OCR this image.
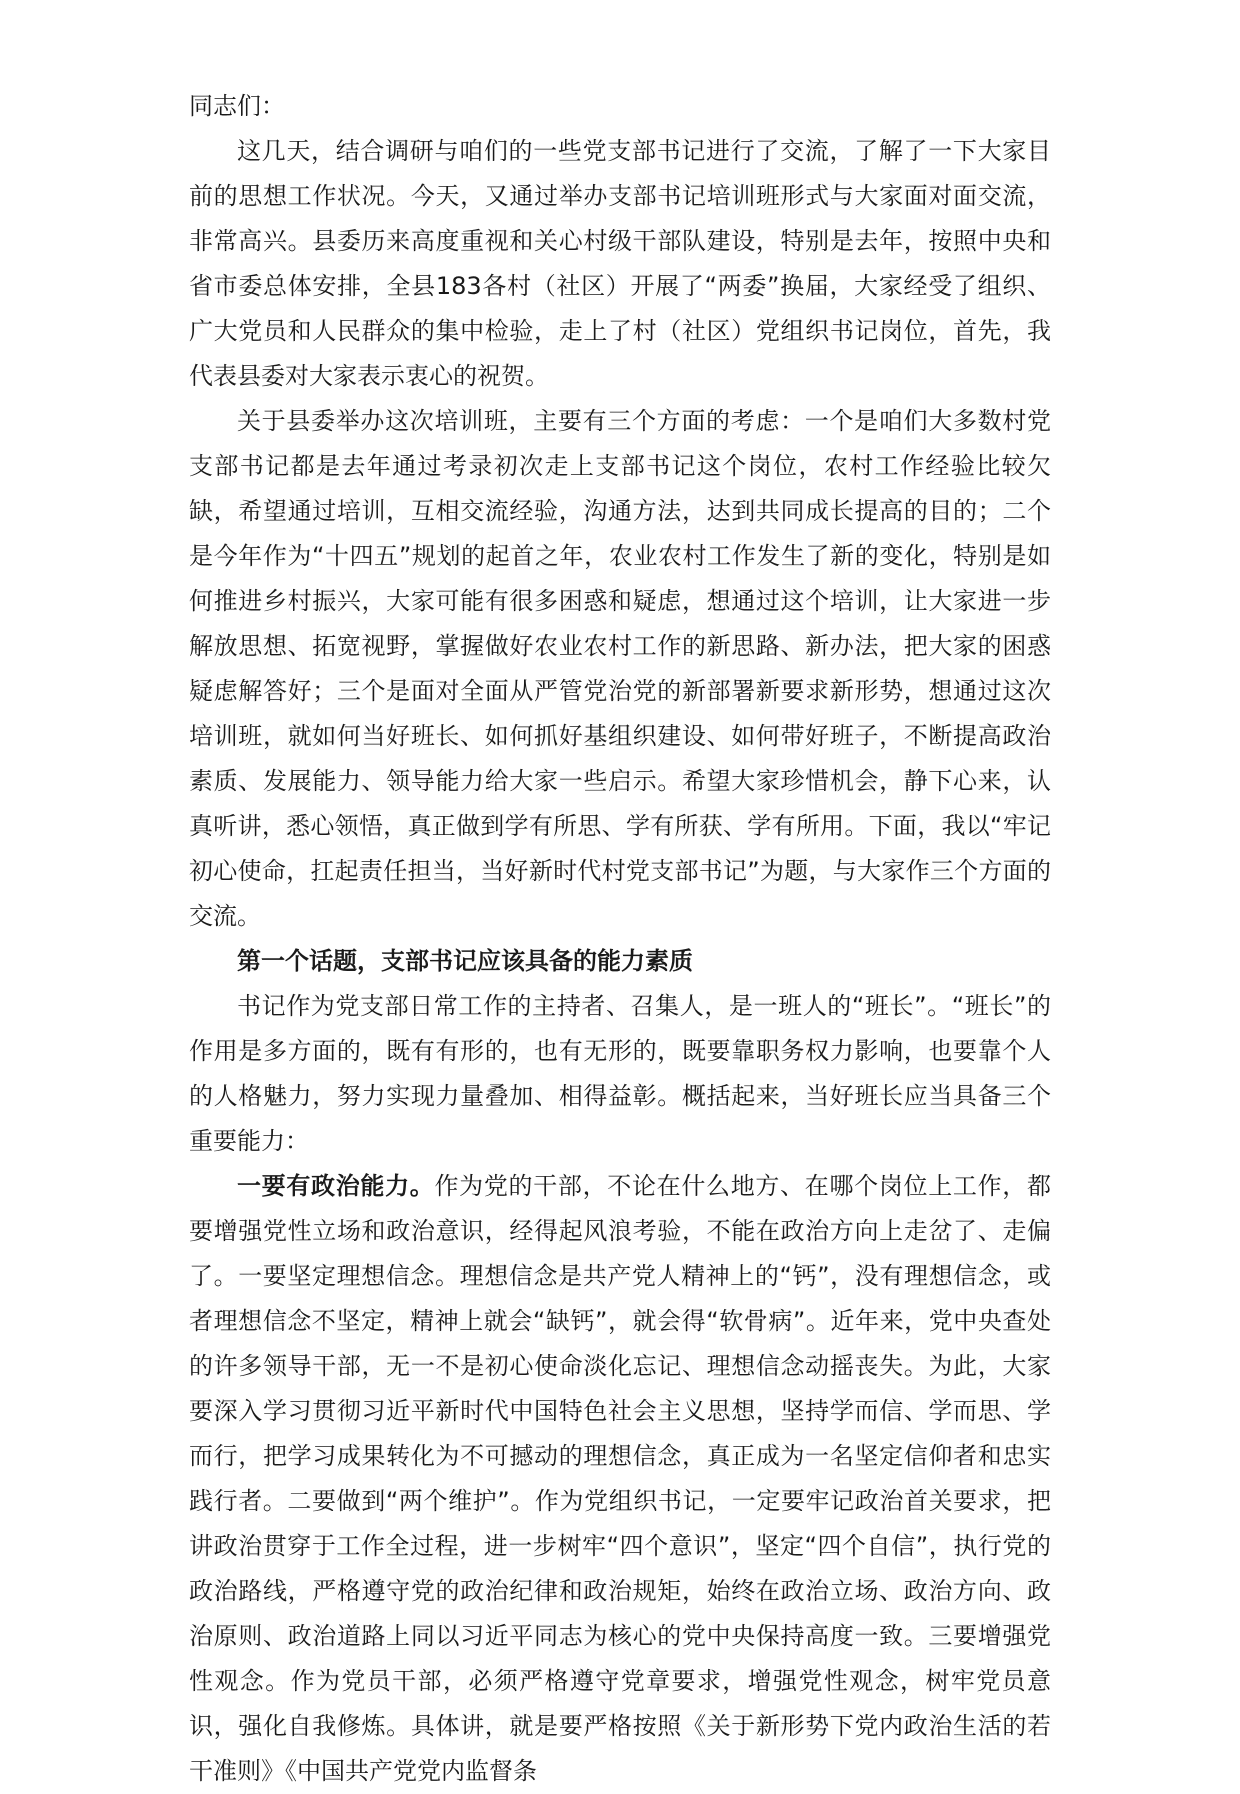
同志们：

这几天，结合调研与咱们的一些党支部书记进行了交流，了解了一下大家目前的思想工作状况。今天，又通过举办支部书记培训班形式与大家面对面交流，非常高兴。县委历来高度重视和关心村级干部队建设，特别是去年，按照中央和省市委总体安排，全县183各村（社区）开展了“两委”换届，大家经受了组织、广大党员和人民群众的集中检验，走上了村（社区）党组织书记岗位，首先，我代表县委对大家表示衷心的祝贺。

关于县委举办这次培训班，主要有三个方面的考虑：一个是咱们大多数村党支部书记都是去年通过考录初次走上支部书记这个岗位，农村工作经验比较欠缺，希望通过培训，互相交流经验，沟通方法，达到共同成长提高的目的；二个是今年作为“十四五”规划的起首之年，农业农村工作发生了新的变化，特别是如何推进乡村振兴，大家可能有很多困惑和疑虑，想通过这个培训，让大家进一步解放思想、拓宽视野，掌握做好农业农村工作的新思路、新办法，把大家的困惑疑虑解答好；三个是面对全面从严管党治党的新部署新要求新形势，想通过这次培训班，就如何当好班长、如何抓好基组织建设、如何带好班子，不断提高政治素质、发展能力、领导能力给大家一些启示。希望大家珍惜机会，静下心来，认真听讲，悉心领悟，真正做到学有所思、学有所获、学有所用。下面，我以“牢记初心使命，扛起责任担当，当好新时代村党支部书记”为题，与大家作三个方面的交流。

第一个话题，支部书记应该具备的能力素质

书记作为党支部日常工作的主持者、召集人，是一班人的“班长”。“班长”的作用是多方面的，既有有形的，也有无形的，既要靠职务权力影响，也要靠个人的人格魅力，努力实现力量叠加、相得益彰。概括起来，当好班长应当具备三个重要能力：

一要有政治能力。作为党的干部，不论在什么地方、在哪个岗位上工作，都要增强党性立场和政治意识，经得起风浪考验，不能在政治方向上走岔了、走偏了。一要坚定理想信念。理想信念是共产党人精神上的“钙”，没有理想信念，或者理想信念不坚定，精神上就会“缺钙”，就会得“软骨病”。近年来，党中央查处的许多领导干部，无一不是初心使命淡化忘记、理想信念动摇丧失。为此，大家要深入学习贯彻习近平新时代中国特色社会主义思想，坚持学而信、学而思、学而行，把学习成果转化为不可撼动的理想信念，真正成为一名坚定信仰者和忠实践行者。二要做到“两个维护”。作为党组织书记，一定要牢记政治首关要求，把讲政治贯穿于工作全过程，进一步树牢“四个意识”，坚定“四个自信”，执行党的政治路线，严格遵守党的政治纪律和政治规矩，始终在政治立场、政治方向、政治原则、政治道路上同以习近平同志为核心的党中央保持高度一致。三要增强党性观念。作为党员干部，必须严格遵守党章要求，增强党性观念，树牢党员意识，强化自我修炼。具体讲，就是要严格按照《关于新形势下党内政治生活的若干准则》《中国共产党党内监督条
